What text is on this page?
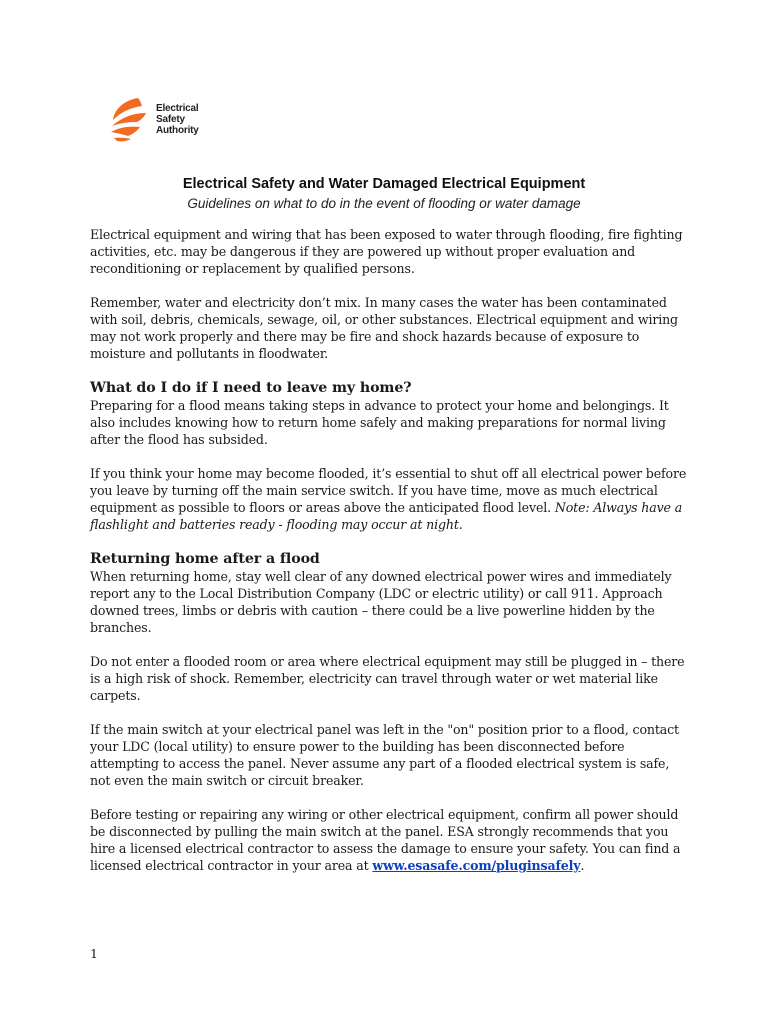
Electrical
Safety
Authority
Electrical Safety and Water Damaged Electrical Equipment
Guidelines on what to do in the event of flooding or water damage

Electrical equipment and wiring that has been exposed to water through flooding, fire fighting activities, etc. may be dangerous if they are powered up without proper evaluation and reconditioning or replacement by qualified persons.

Remember, water and electricity don’t mix. In many cases the water has been contaminated with soil, debris, chemicals, sewage, oil, or other substances. Electrical equipment and wiring may not work properly and there may be fire and shock hazards because of exposure to moisture and pollutants in floodwater.

What do I do if I need to leave my home?

Preparing for a flood means taking steps in advance to protect your home and belongings. It also includes knowing how to return home safely and making preparations for normal living after the flood has subsided.

If you think your home may become flooded, it’s essential to shut off all electrical power before you leave by turning off the main service switch. If you have time, move as much electrical equipment as possible to floors or areas above the anticipated flood level. Note: Always have a flashlight and batteries ready - flooding may occur at night.

Returning home after a flood

When returning home, stay well clear of any downed electrical power wires and immediately report any to the Local Distribution Company (LDC or electric utility) or call 911. Approach downed trees, limbs or debris with caution – there could be a live powerline hidden by the branches.

Do not enter a flooded room or area where electrical equipment may still be plugged in – there is a high risk of shock. Remember, electricity can travel through water or wet material like carpets.

If the main switch at your electrical panel was left in the "on" position prior to a flood, contact your LDC (local utility) to ensure power to the building has been disconnected before attempting to access the panel. Never assume any part of a flooded electrical system is safe, not even the main switch or circuit breaker.

Before testing or repairing any wiring or other electrical equipment, confirm all power should be disconnected by pulling the main switch at the panel. ESA strongly recommends that you hire a licensed electrical contractor to assess the damage to ensure your safety. You can find a licensed electrical contractor in your area at www.esasafe.com/pluginsafely.

1
